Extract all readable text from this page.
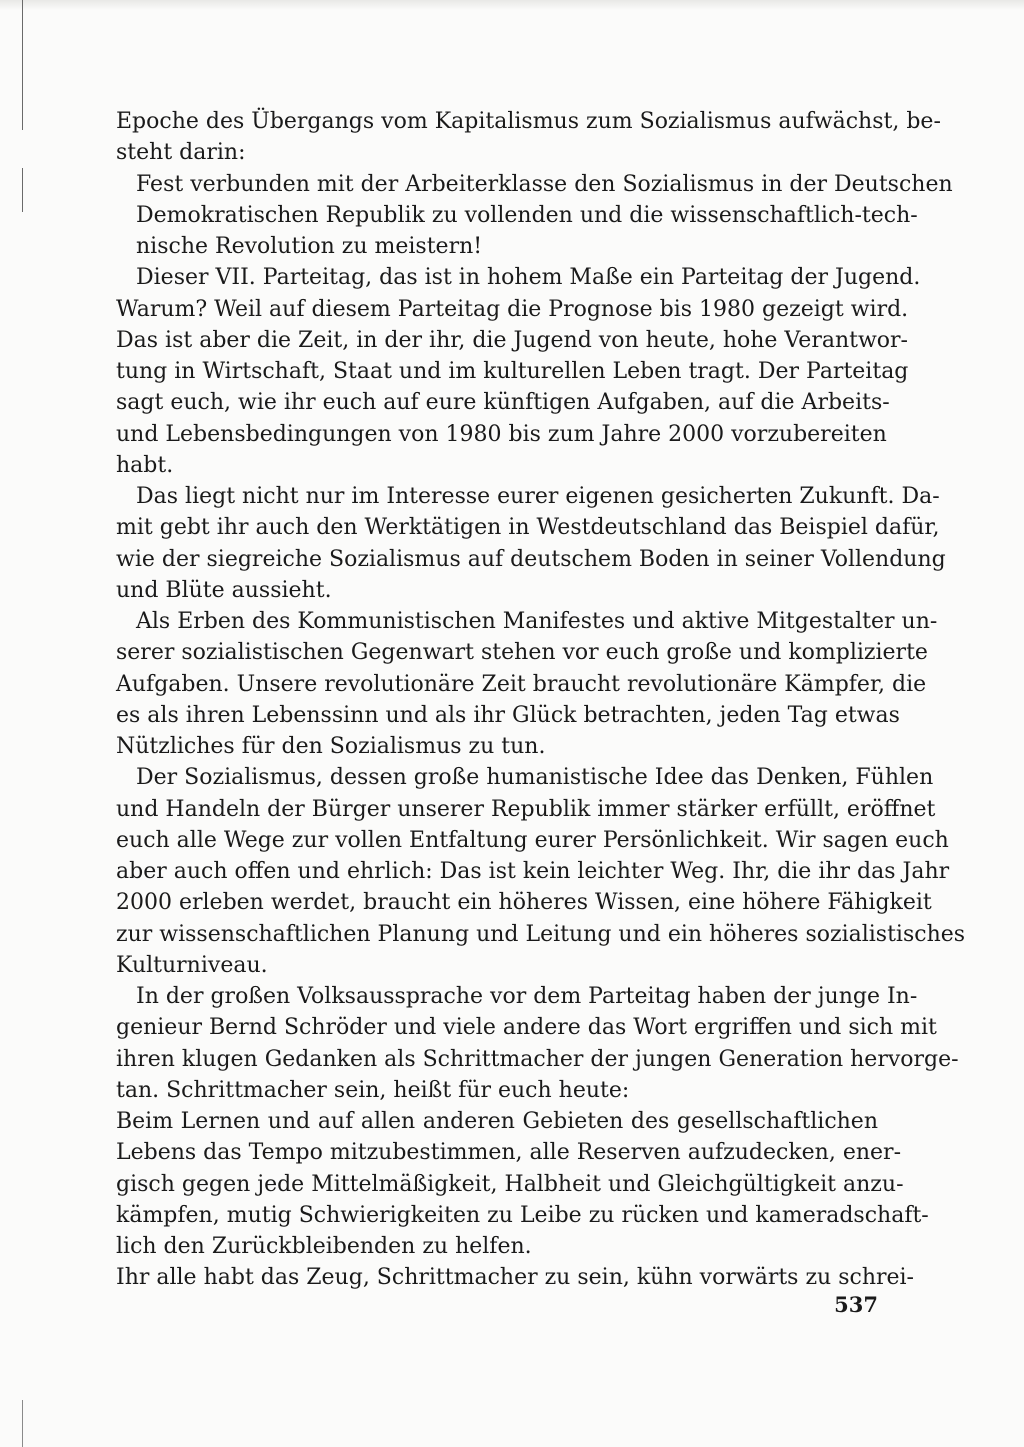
Epoche des Übergangs vom Kapitalismus zum Sozialismus aufwächst, be-
steht darin:
Fest verbunden mit der Arbeiterklasse den Sozialismus in der Deutschen
Demokratischen Republik zu vollenden und die wissenschaftlich-tech-
nische Revolution zu meistern!
Dieser VII. Parteitag, das ist in hohem Maße ein Parteitag der Jugend.
Warum? Weil auf diesem Parteitag die Prognose bis 1980 gezeigt wird.
Das ist aber die Zeit, in der ihr, die Jugend von heute, hohe Verantwor-
tung in Wirtschaft, Staat und im kulturellen Leben tragt. Der Parteitag
sagt euch, wie ihr euch auf eure künftigen Aufgaben, auf die Arbeits-
und Lebensbedingungen von 1980 bis zum Jahre 2000 vorzubereiten
habt.
Das liegt nicht nur im Interesse eurer eigenen gesicherten Zukunft. Da-
mit gebt ihr auch den Werktätigen in Westdeutschland das Beispiel dafür,
wie der siegreiche Sozialismus auf deutschem Boden in seiner Vollendung
und Blüte aussieht.
Als Erben des Kommunistischen Manifestes und aktive Mitgestalter un-
serer sozialistischen Gegenwart stehen vor euch große und komplizierte
Aufgaben. Unsere revolutionäre Zeit braucht revolutionäre Kämpfer, die
es als ihren Lebenssinn und als ihr Glück betrachten, jeden Tag etwas
Nützliches für den Sozialismus zu tun.
Der Sozialismus, dessen große humanistische Idee das Denken, Fühlen
und Handeln der Bürger unserer Republik immer stärker erfüllt, eröffnet
euch alle Wege zur vollen Entfaltung eurer Persönlichkeit. Wir sagen euch
aber auch offen und ehrlich: Das ist kein leichter Weg. Ihr, die ihr das Jahr
2000 erleben werdet, braucht ein höheres Wissen, eine höhere Fähigkeit
zur wissenschaftlichen Planung und Leitung und ein höheres sozialistisches
Kulturniveau.
In der großen Volksaussprache vor dem Parteitag haben der junge In-
genieur Bernd Schröder und viele andere das Wort ergriffen und sich mit
ihren klugen Gedanken als Schrittmacher der jungen Generation hervorge-
tan. Schrittmacher sein, heißt für euch heute:
Beim Lernen und auf allen anderen Gebieten des gesellschaftlichen
Lebens das Tempo mitzubestimmen, alle Reserven aufzudecken, ener-
gisch gegen jede Mittelmäßigkeit, Halbheit und Gleichgültigkeit anzu-
kämpfen, mutig Schwierigkeiten zu Leibe zu rücken und kameradschaft-
lich den Zurückbleibenden zu helfen.
Ihr alle habt das Zeug, Schrittmacher zu sein, kühn vorwärts zu schrei-
537
